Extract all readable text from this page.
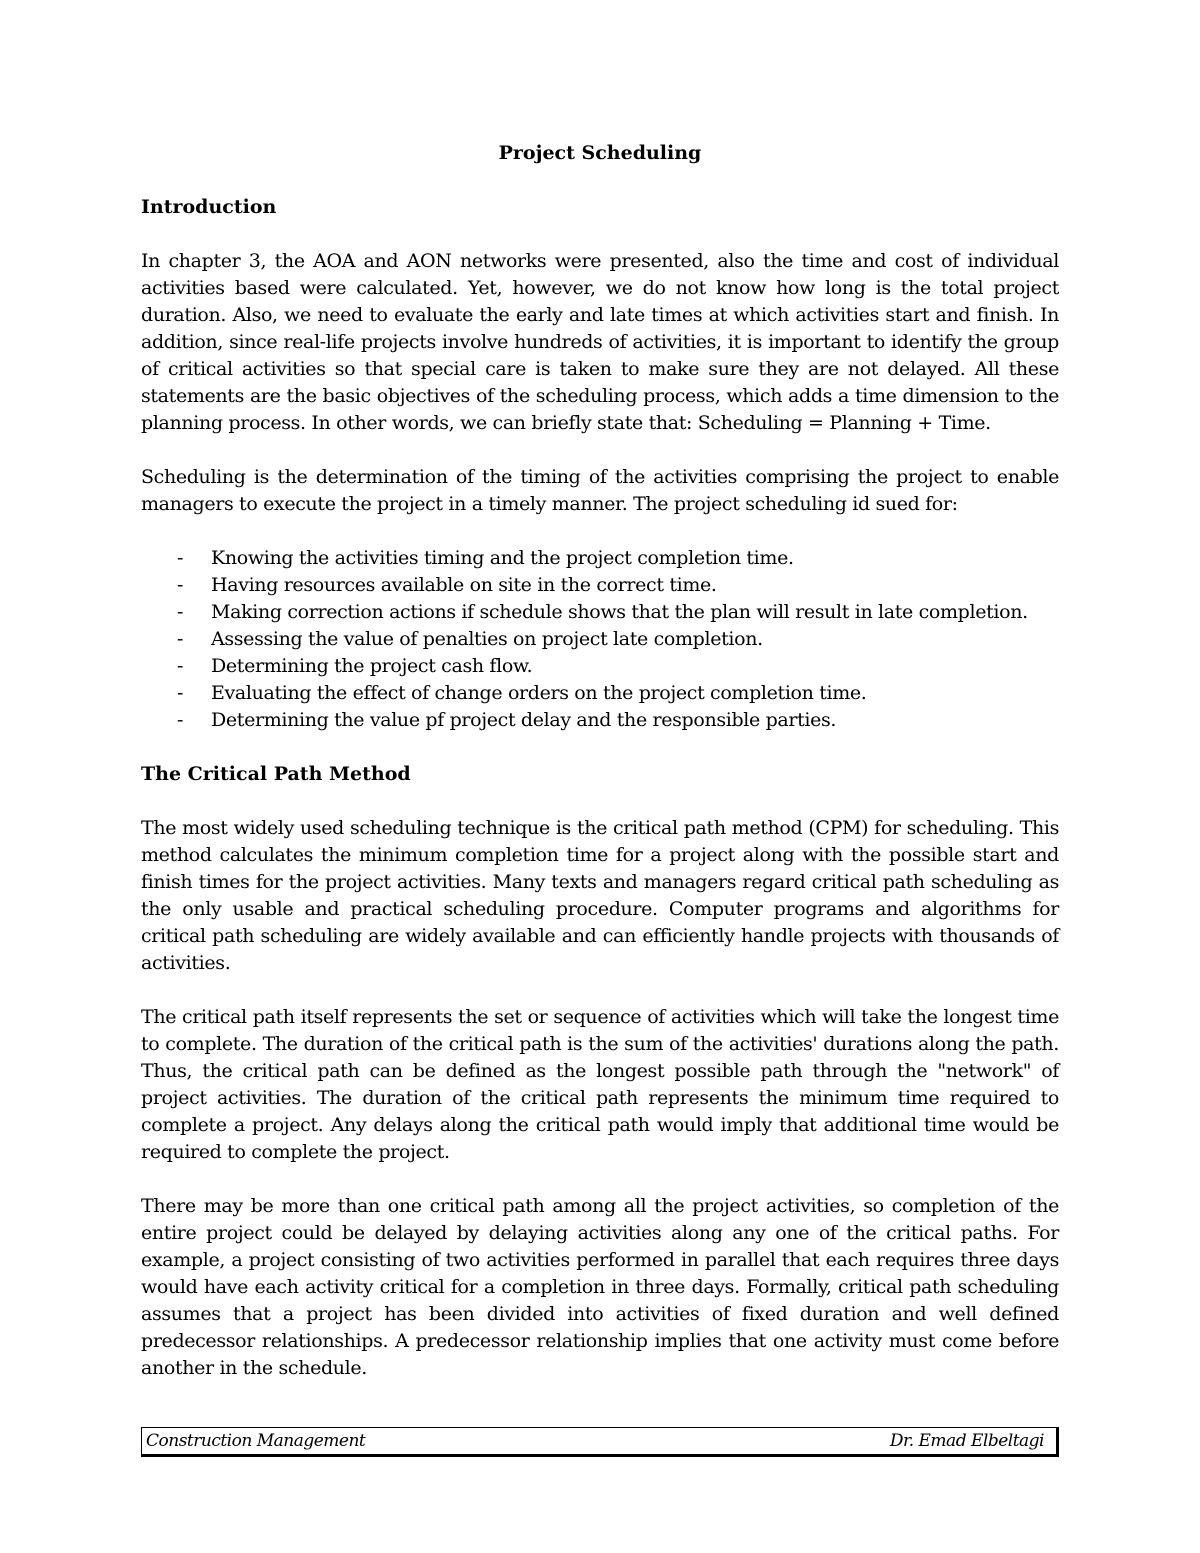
Project Scheduling
Introduction

In chapter 3, the AOA and AON networks were presented, also the time and cost of individual activities based were calculated. Yet, however, we do not know how long is the total project duration. Also, we need to evaluate the early and late times at which activities start and finish. In addition, since real-life projects involve hundreds of activities, it is important to identify the group of critical activities so that special care is taken to make sure they are not delayed. All these statements are the basic objectives of the scheduling process, which adds a time dimension to the planning process. In other words, we can briefly state that: Scheduling = Planning + Time.

Scheduling is the determination of the timing of the activities comprising the project to enable managers to execute the project in a timely manner. The project scheduling id sued for:

- Knowing the activities timing and the project completion time.
- Having resources available on site in the correct time.
- Making correction actions if schedule shows that the plan will result in late completion.
- Assessing the value of penalties on project late completion.
- Determining the project cash flow.
- Evaluating the effect of change orders on the project completion time.
- Determining the value pf project delay and the responsible parties.
The Critical Path Method

The most widely used scheduling technique is the critical path method (CPM) for scheduling. This method calculates the minimum completion time for a project along with the possible start and finish times for the project activities. Many texts and managers regard critical path scheduling as the only usable and practical scheduling procedure. Computer programs and algorithms for critical path scheduling are widely available and can efficiently handle projects with thousands of activities.

The critical path itself represents the set or sequence of activities which will take the longest time to complete. The duration of the critical path is the sum of the activities' durations along the path. Thus, the critical path can be defined as the longest possible path through the "network" of project activities. The duration of the critical path represents the minimum time required to complete a project. Any delays along the critical path would imply that additional time would be required to complete the project.

There may be more than one critical path among all the project activities, so completion of the entire project could be delayed by delaying activities along any one of the critical paths. For example, a project consisting of two activities performed in parallel that each requires three days would have each activity critical for a completion in three days. Formally, critical path scheduling assumes that a project has been divided into activities of fixed duration and well defined predecessor relationships. A predecessor relationship implies that one activity must come before another in the schedule.

Construction Management	Dr. Emad Elbeltagi
